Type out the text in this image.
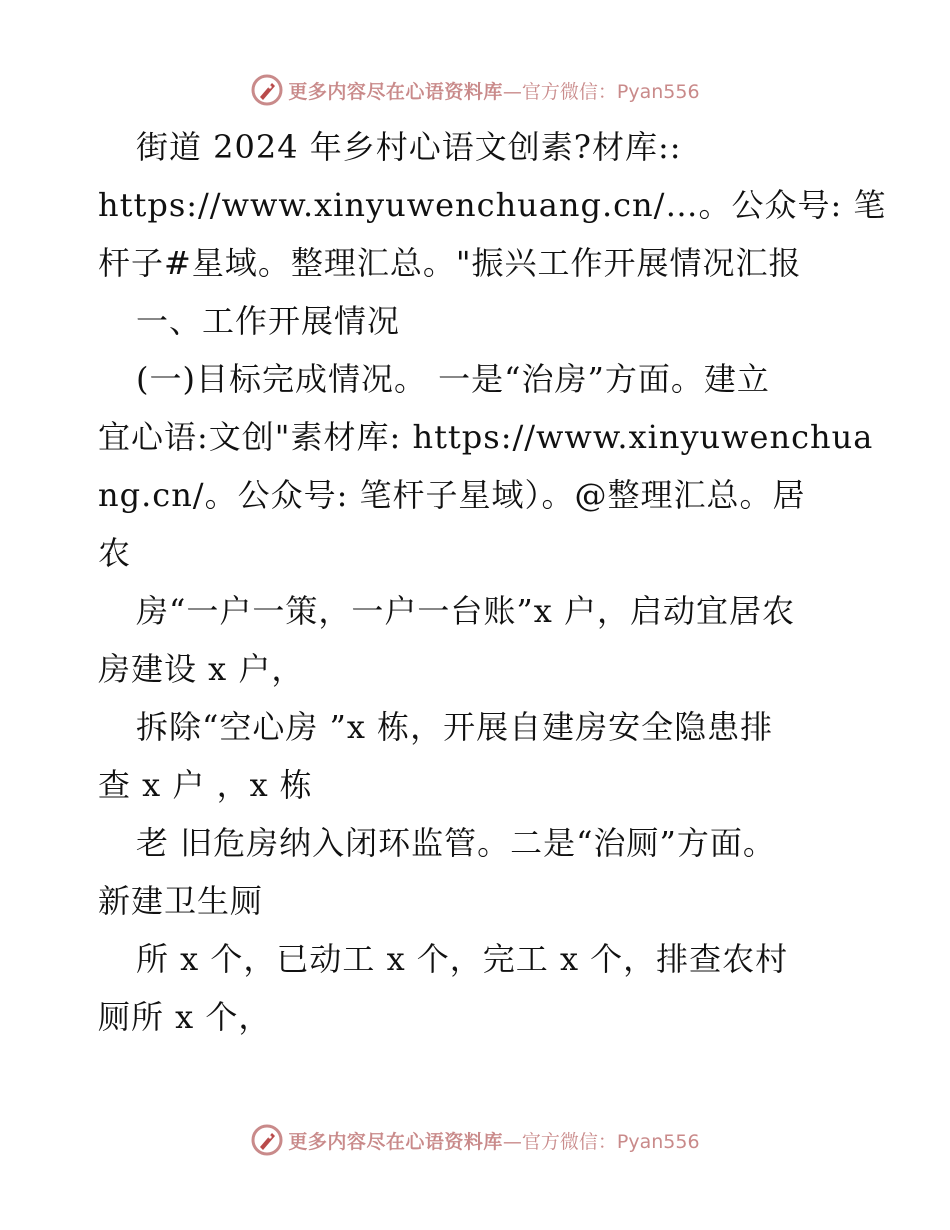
更多内容尽在心语资料库 —官方微信：Pyan556
街道 2024 年乡村心语文创素?材库::
https://www.xinyuwenchuang.cn/…。公众号: 笔
杆子#星域。整理汇总。"振兴工作开展情况汇报
一、工作开展情况
(一)目标完成情况。 一是“治房”方面。建立
宜心语:文创"素材库: https://www.xinyuwenchua
ng.cn/。公众号: 笔杆子星域）。@整理汇总。居
农
房“一户一策，一户一台账”x 户，启动宜居农
房建设 x 户，
拆除“空心房 ”x 栋，开展自建房安全隐患排
查 x 户 ，x 栋
老 旧危房纳入闭环监管。二是“治厕”方面。
新建卫生厕
所 x 个，已动工 x 个，完工 x 个，排查农村
厕所 x 个，
更多内容尽在心语资料库 —官方微信：Pyan556
